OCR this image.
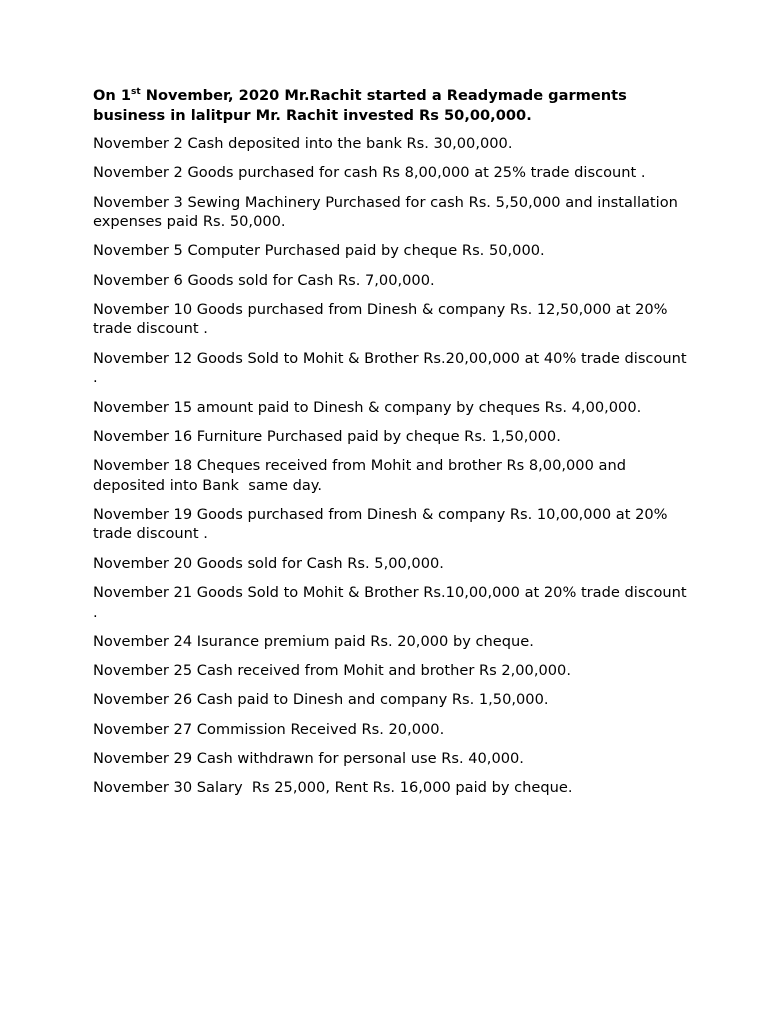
On 1st November, 2020 Mr.Rachit started a Readymade garments business in lalitpur Mr. Rachit invested Rs 50,00,000.

November 2 Cash deposited into the bank Rs. 30,00,000.
November 2 Goods purchased for cash Rs 8,00,000 at 25% trade discount .
November 3 Sewing Machinery Purchased for cash Rs. 5,50,000 and installation expenses paid Rs. 50,000.
November 5 Computer Purchased paid by cheque Rs. 50,000.
November 6 Goods sold for Cash Rs. 7,00,000.
November 10 Goods purchased from Dinesh & company Rs. 12,50,000 at 20% trade discount .
November 12 Goods Sold to Mohit & Brother Rs.20,00,000 at 40% trade discount .
November 15 amount paid to Dinesh & company by cheques Rs. 4,00,000.
November 16 Furniture Purchased paid by cheque Rs. 1,50,000.
November 18 Cheques received from Mohit and brother Rs 8,00,000 and deposited into Bank  same day.
November 19 Goods purchased from Dinesh & company Rs. 10,00,000 at 20% trade discount .
November 20 Goods sold for Cash Rs. 5,00,000.
November 21 Goods Sold to Mohit & Brother Rs.10,00,000 at 20% trade discount .
November 24 Isurance premium paid Rs. 20,000 by cheque.
November 25 Cash received from Mohit and brother Rs 2,00,000.
November 26 Cash paid to Dinesh and company Rs. 1,50,000.
November 27 Commission Received Rs. 20,000.
November 29 Cash withdrawn for personal use Rs. 40,000.
November 30 Salary  Rs 25,000, Rent Rs. 16,000 paid by cheque.
